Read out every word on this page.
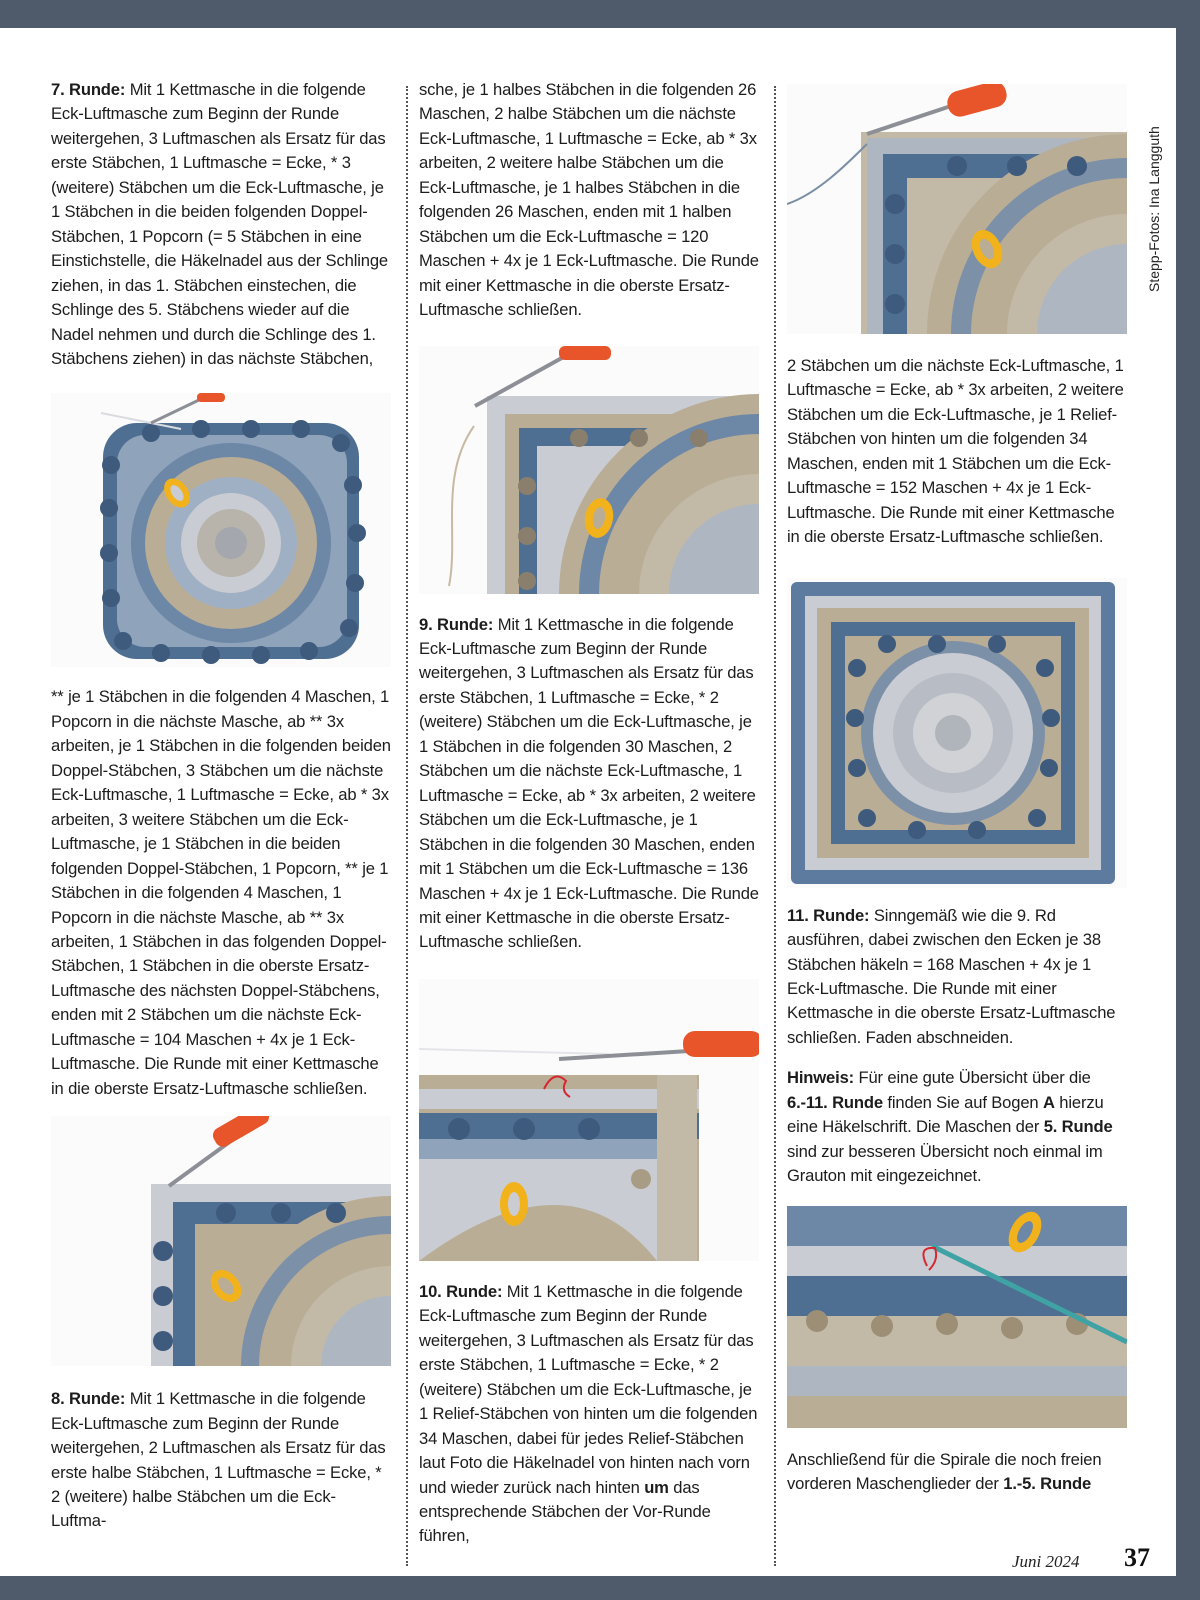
7. Runde: Mit 1 Kettmasche in die folgende Eck-Luftmasche zum Beginn der Runde weitergehen, 3 Luftmaschen als Ersatz für das erste Stäbchen, 1 Luftmasche = Ecke, * 3 (weitere) Stäbchen um die Eck-Luftmasche, je 1 Stäbchen in die beiden folgenden Doppel-Stäbchen, 1 Popcorn (= 5 Stäbchen in eine Einstichstelle, die Häkelnadel aus der Schlinge ziehen, in das 1. Stäbchen einstechen, die Schlinge des 5. Stäbchens wieder auf die Nadel nehmen und durch die Schlinge des 1. Stäbchens ziehen) in das nächste Stäbchen,

** je 1 Stäbchen in die folgenden 4 Maschen, 1 Popcorn in die nächste Masche, ab ** 3x arbeiten, je 1 Stäbchen in die folgenden beiden Doppel-Stäbchen, 3 Stäbchen um die nächste Eck-Luftmasche, 1 Luftmasche = Ecke, ab * 3x arbeiten, 3 weitere Stäbchen um die Eck-Luftmasche, je 1 Stäbchen in die beiden folgenden Doppel-Stäbchen, 1 Popcorn, ** je 1 Stäbchen in die folgenden 4 Maschen, 1 Popcorn in die nächste Masche, ab ** 3x arbeiten, 1 Stäbchen in das folgenden Doppel-Stäbchen, 1 Stäbchen in die oberste Ersatz-Luftmasche des nächsten Doppel-Stäbchens, enden mit 2 Stäbchen um die nächste Eck-Luftmasche = 104 Maschen + 4x je 1 Eck-Luftmasche. Die Runde mit einer Kettmasche in die oberste Ersatz-Luftmasche schließen.

8. Runde: Mit 1 Kettmasche in die folgende Eck-Luftmasche zum Beginn der Runde weitergehen, 2 Luftmaschen als Ersatz für das erste halbe Stäbchen, 1 Luftmasche = Ecke, * 2 (weitere) halbe Stäbchen um die Eck-Luftma-

sche, je 1 halbes Stäbchen in die folgenden 26 Maschen, 2 halbe Stäbchen um die nächste Eck-Luftmasche, 1 Luftmasche = Ecke, ab * 3x arbeiten, 2 weitere halbe Stäbchen um die Eck-Luftmasche, je 1 halbes Stäbchen in die folgenden 26 Maschen, enden mit 1 halben Stäbchen um die Eck-Luftmasche = 120 Maschen + 4x je 1 Eck-Luftmasche. Die Runde mit einer Kettmasche in die oberste Ersatz-Luftmasche schließen.

9. Runde: Mit 1 Kettmasche in die folgende Eck-Luftmasche zum Beginn der Runde weitergehen, 3 Luftmaschen als Ersatz für das erste Stäbchen, 1 Luftmasche = Ecke, * 2 (weitere) Stäbchen um die Eck-Luftmasche, je 1 Stäbchen in die folgenden 30 Maschen, 2 Stäbchen um die nächste Eck-Luftmasche, 1 Luftmasche = Ecke, ab * 3x arbeiten, 2 weitere Stäbchen um die Eck-Luftmasche, je 1 Stäbchen in die folgenden 30 Maschen, enden mit 1 Stäbchen um die Eck-Luftmasche = 136 Maschen + 4x je 1 Eck-Luftmasche. Die Runde mit einer Kettmasche in die oberste Ersatz-Luftmasche schließen.

10. Runde: Mit 1 Kettmasche in die folgende Eck-Luftmasche zum Beginn der Runde weitergehen, 3 Luftmaschen als Ersatz für das erste Stäbchen, 1 Luftmasche = Ecke, * 2 (weitere) Stäbchen um die Eck-Luftmasche, je 1 Relief-Stäbchen von hinten um die folgenden 34 Maschen, dabei für jedes Relief-Stäbchen laut Foto die Häkelnadel von hinten nach vorn und wieder zurück nach hinten um das entsprechende Stäbchen der Vor-Runde führen,

2 Stäbchen um die nächste Eck-Luftmasche, 1 Luftmasche = Ecke, ab * 3x arbeiten, 2 weitere Stäbchen um die Eck-Luftmasche, je 1 Relief-Stäbchen von hinten um die folgenden 34 Maschen, enden mit 1 Stäbchen um die Eck-Luftmasche = 152 Maschen + 4x je 1 Eck-Luftmasche. Die Runde mit einer Kettmasche in die oberste Ersatz-Luftmasche schließen.

11. Runde: Sinngemäß wie die 9. Rd ausführen, dabei zwischen den Ecken je 38 Stäbchen häkeln = 168 Maschen + 4x je 1 Eck-Luftmasche. Die Runde mit einer Kettmasche in die oberste Ersatz-Luftmasche schließen. Faden abschneiden.

Hinweis: Für eine gute Übersicht über die 6.-11. Runde finden Sie auf Bogen A hierzu eine Häkelschrift. Die Maschen der 5. Runde sind zur besseren Übersicht noch einmal im Grauton mit eingezeichnet.

Anschließend für die Spirale die noch freien vorderen Maschenglieder der 1.-5. Runde

Stepp-Fotos: Ina Langguth
Juni 2024 37
